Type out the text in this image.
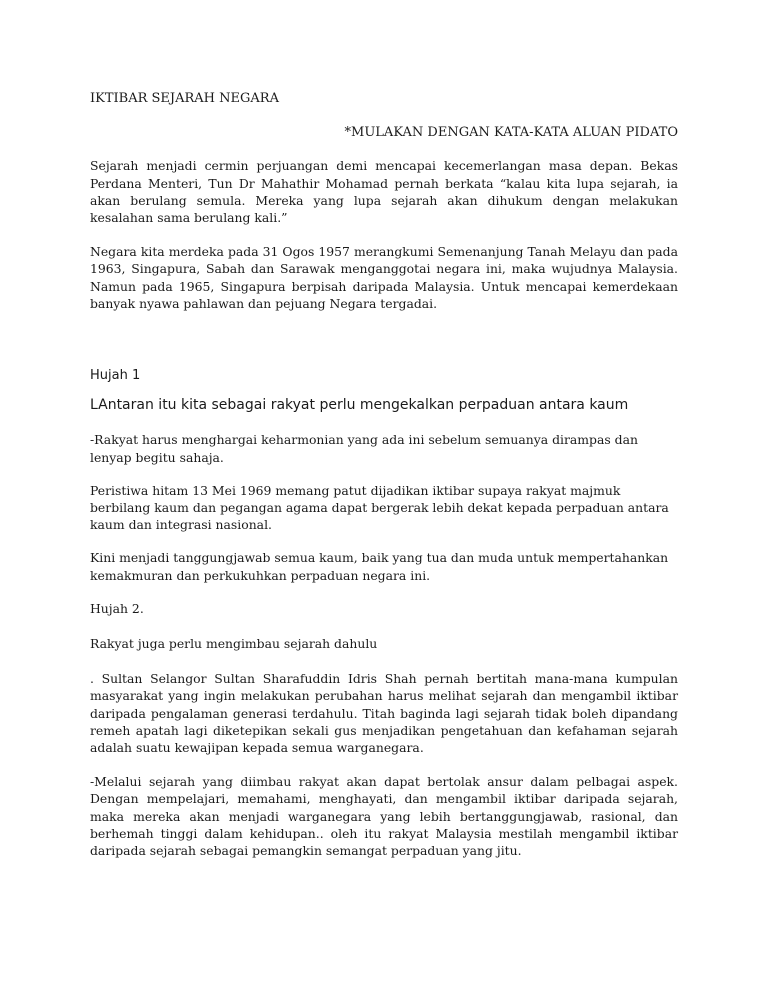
IKTIBAR SEJARAH NEGARA

*MULAKAN DENGAN KATA-KATA ALUAN PIDATO

Sejarah menjadi cermin perjuangan demi mencapai kecemerlangan masa depan. Bekas Perdana Menteri, Tun Dr Mahathir Mohamad pernah berkata “kalau kita lupa sejarah, ia akan berulang semula. Mereka yang lupa sejarah akan dihukum dengan melakukan kesalahan sama berulang kali.”

Negara kita merdeka pada 31 Ogos 1957 merangkumi Semenanjung Tanah Melayu dan pada 1963, Singapura, Sabah dan Sarawak menganggotai negara ini, maka wujudnya Malaysia. Namun pada 1965, Singapura berpisah daripada Malaysia. Untuk mencapai kemerdekaan banyak nyawa pahlawan dan pejuang Negara tergadai.

Hujah 1

LAntaran itu kita sebagai rakyat perlu mengekalkan perpaduan antara kaum

-Rakyat harus menghargai keharmonian yang ada ini sebelum semuanya dirampas dan lenyap begitu sahaja.

Peristiwa hitam 13 Mei 1969 memang patut dijadikan iktibar supaya rakyat majmuk berbilang kaum dan pegangan agama dapat bergerak lebih dekat kepada perpaduan antara kaum dan integrasi nasional.

Kini menjadi tanggungjawab semua kaum, baik yang tua dan muda untuk mempertahankan kemakmuran dan perkukuhkan perpaduan negara ini.

Hujah 2.

Rakyat juga perlu mengimbau sejarah dahulu

. Sultan Selangor Sultan Sharafuddin Idris Shah pernah bertitah mana-mana kumpulan masyarakat yang ingin melakukan perubahan harus melihat sejarah dan mengambil iktibar daripada pengalaman generasi terdahulu. Titah baginda lagi sejarah tidak boleh dipandang remeh apatah lagi diketepikan sekali gus menjadikan pengetahuan dan kefahaman sejarah adalah suatu kewajipan kepada semua warganegara.

-Melalui sejarah yang diimbau rakyat akan dapat bertolak ansur dalam pelbagai aspek. Dengan mempelajari, memahami, menghayati, dan mengambil iktibar daripada sejarah, maka mereka akan menjadi warganegara yang lebih bertanggungjawab, rasional, dan berhemah tinggi dalam kehidupan.. oleh itu rakyat Malaysia mestilah mengambil iktibar daripada sejarah sebagai pemangkin semangat perpaduan yang jitu.
